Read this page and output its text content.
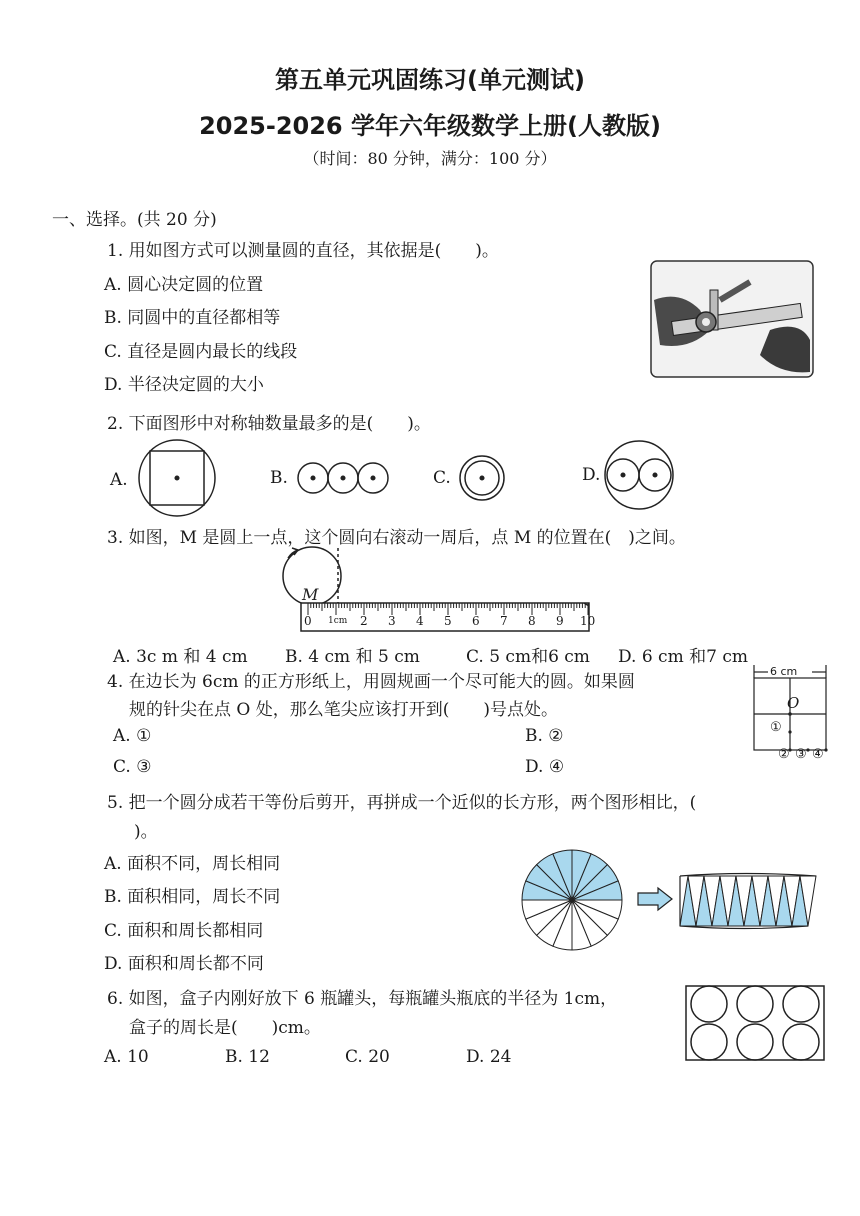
第五单元巩固练习(单元测试)
2025-2026 学年六年级数学上册(人教版)
（时间：80 分钟，满分：100 分）
一、选择。(共 20 分)
1. 用如图方式可以测量圆的直径，其依据是(　　)。
A. 圆心决定圆的位置
B. 同圆中的直径都相等
C. 直径是圆内最长的线段
D. 半径决定圆的大小
2. 下面图形中对称轴数量最多的是(　　)。
A.	B.	C.	D.
3. 如图，M 是圆上一点，这个圆向右滚动一周后，点 M 的位置在(　)之间。
M
0 1cm 2 3 4 5 6 7 8 9 10
A. 3c m 和 4 cm B. 4 cm 和 5 cm	C. 5 cm和6 cm D. 6 cm 和7 cm
4. 在边长为 6cm 的正方形纸上，用圆规画一个尽可能大的圆。如果圆
规的针尖在点 O 处，那么笔尖应该打开到(　　)号点处。
A. ①	B. ②
C. ③	D. ④
6 cm
O
①
② ③ ④
5. 把一个圆分成若干等份后剪开，再拼成一个近似的长方形，两个图形相比，(
)。
A. 面积不同，周长相同
B. 面积相同，周长不同
C. 面积和周长都相同
D. 面积和周长都不同
6. 如图，盒子内刚好放下 6 瓶罐头，每瓶罐头瓶底的半径为 1cm，
盒子的周长是(　　)cm。
A. 10	B. 12	C. 20	D. 24
